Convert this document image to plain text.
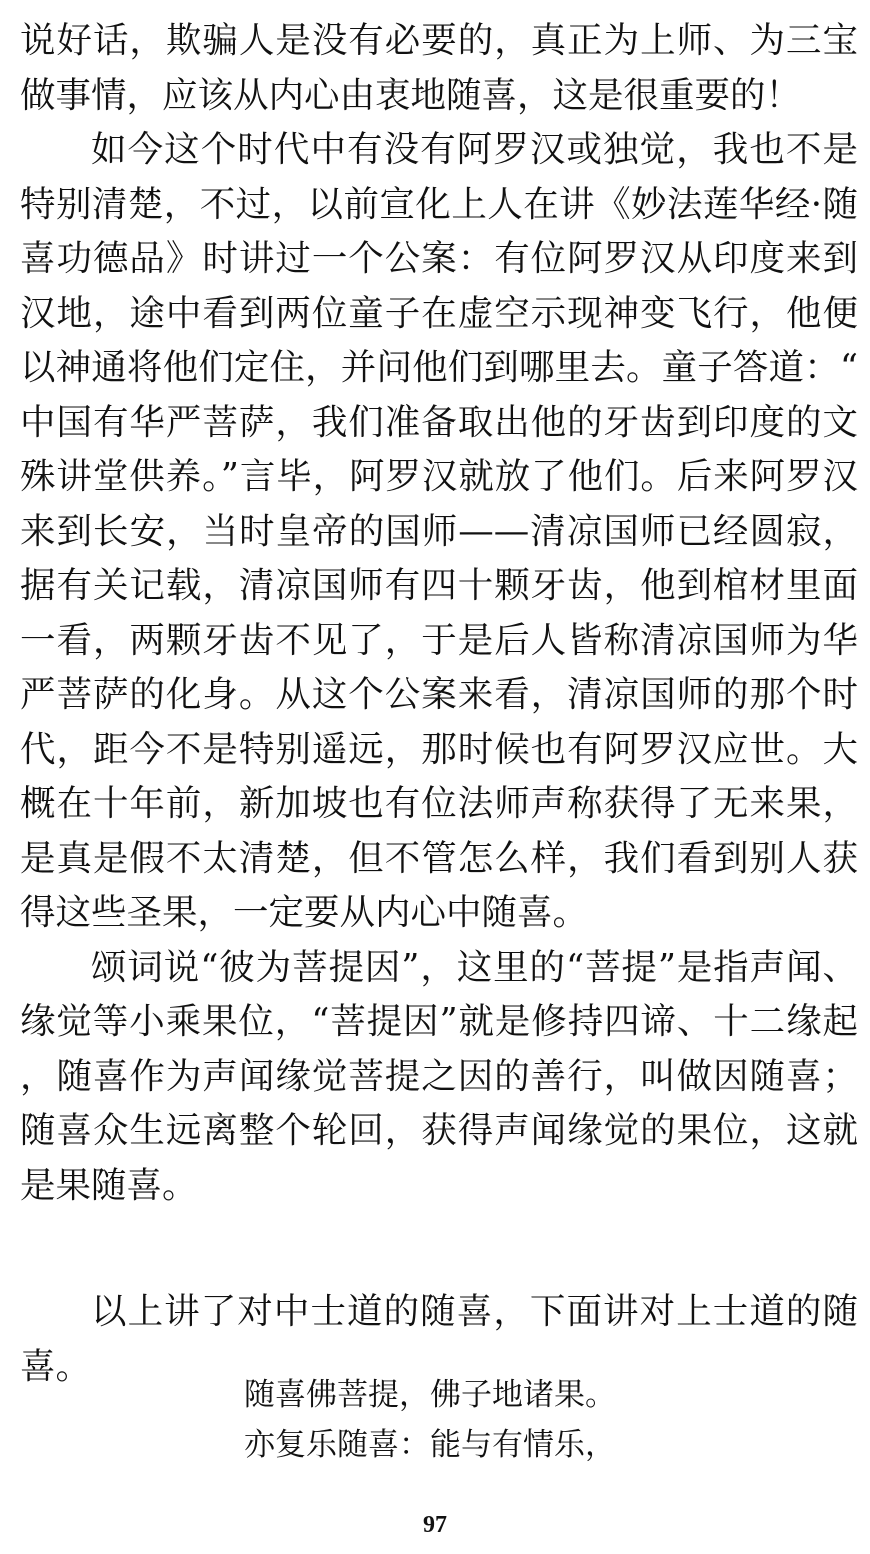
说好话，欺骗人是没有必要的，真正为上师、为三宝做事情，应该从内心由衷地随喜，这是很重要的！

如今这个时代中有没有阿罗汉或独觉，我也不是特别清楚，不过，以前宣化上人在讲《妙法莲华经·随喜功德品》时讲过一个公案：有位阿罗汉从印度来到汉地，途中看到两位童子在虚空示现神变飞行，他便以神通将他们定住，并问他们到哪里去。童子答道：“中国有华严菩萨，我们准备取出他的牙齿到印度的文殊讲堂供养。”言毕，阿罗汉就放了他们。后来阿罗汉来到长安，当时皇帝的国师——清凉国师已经圆寂，据有关记载，清凉国师有四十颗牙齿，他到棺材里面一看，两颗牙齿不见了，于是后人皆称清凉国师为华严菩萨的化身。从这个公案来看，清凉国师的那个时代，距今不是特别遥远，那时候也有阿罗汉应世。大概在十年前，新加坡也有位法师声称获得了无来果，是真是假不太清楚，但不管怎么样，我们看到别人获得这些圣果，一定要从内心中随喜。

颂词说“彼为菩提因”，这里的“菩提”是指声闻、缘觉等小乘果位，“菩提因”就是修持四谛、十二缘起，随喜作为声闻缘觉菩提之因的善行，叫做因随喜；随喜众生远离整个轮回，获得声闻缘觉的果位，这就是果随喜。

以上讲了对中士道的随喜，下面讲对上士道的随喜。

随喜佛菩提，佛子地诸果。
亦复乐随喜：能与有情乐，
97
